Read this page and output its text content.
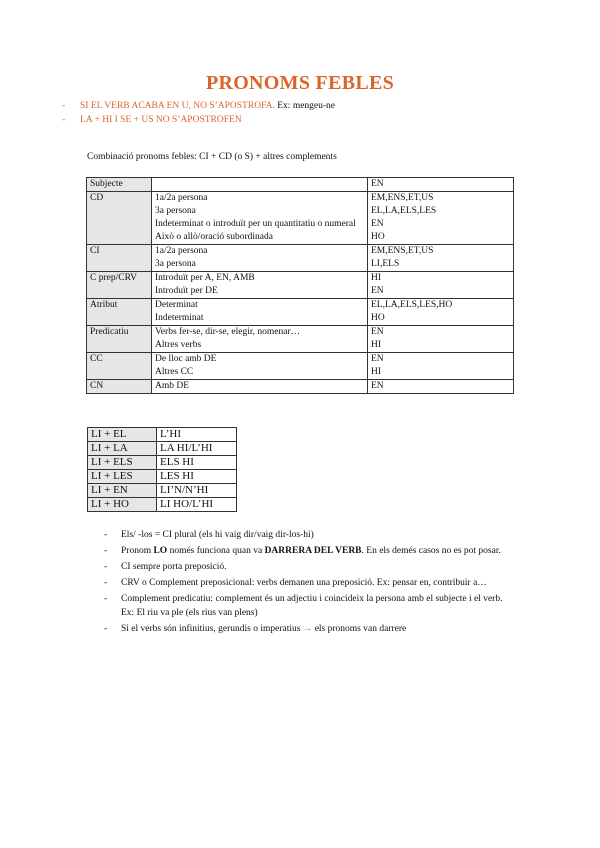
PRONOMS FEBLES
- SI EL VERB ACABA EN U, NO S’APOSTROFA. Ex: mengeu-ne
- LA + HI I SE + US NO S’APOSTROFEN
Combinació pronoms febles: CI + CD (o S) + altres complements
Subjecte		EN
CD	1a/2a persona	EM,ENS,ET,US
	3a persona	EL,LA,ELS,LES
	Indeterminat o introduït per un quantitatiu o numeral	EN
	Això o allò/oració subordinada	HO
CI	1a/2a persona	EM,ENS,ET,US
	3a persona	LI,ELS
C prep/CRV	Introduït per A, EN, AMB	HI
	Introduït per DE	EN
Atribut	Determinat	EL,LA,ELS,LES,HO
	Indeterminat	HO
Predicatiu	Verbs fer-se, dir-se, elegir, nomenar…	EN
	Altres verbs	HI
CC	De lloc amb DE	EN
	Altres CC	HI
CN	Amb DE	EN
LI + EL	L’HI
LI + LA	LA HI/L’HI
LI + ELS	ELS HI
LI + LES	LES HI
LI + EN	LI’N/N’HI
LI + HO	LI HO/L’HI
- Els/ -los = CI plural (els hi vaig dir/vaig dir-los-hi)
- Pronom LO només funciona quan va DARRERA DEL VERB. En els demés casos no es pot posar.
- CI sempre porta preposició.
- CRV o Complement preposicional: verbs demanen una preposició. Ex: pensar en, contribuir a…
- Complement predicatiu: complement és un adjectiu i coincideix la persona amb el subjecte i el verb. Ex: El riu va ple (els rius van plens)
- Si el verbs són infinitius, gerundis o imperatius → els pronoms van darrere
